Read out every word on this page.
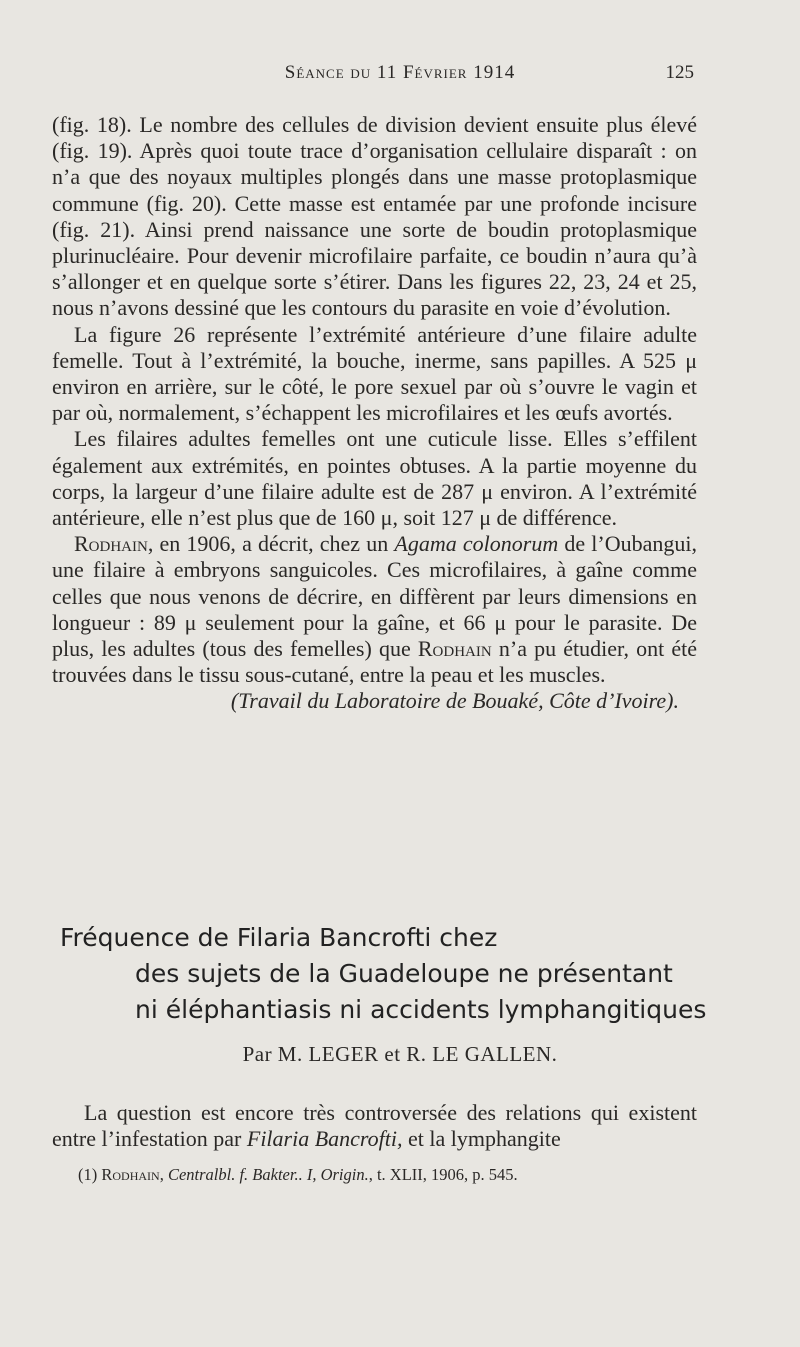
Séance du 11 Février 1914	125

(fig. 18). Le nombre des cellules de division devient ensuite plus élevé (fig. 19). Après quoi toute trace d’organisation cellulaire disparaît : on n’a que des noyaux multiples plongés dans une masse protoplasmique commune (fig. 20). Cette masse est entamée par une profonde incisure (fig. 21). Ainsi prend naissance une sorte de boudin protoplasmique plurinucléaire. Pour devenir microfilaire parfaite, ce boudin n’aura qu’à s’allonger et en quelque sorte s’étirer. Dans les figures 22, 23, 24 et 25, nous n’avons dessiné que les contours du parasite en voie d’évolution.

La figure 26 représente l’extrémité antérieure d’une filaire adulte femelle. Tout à l’extrémité, la bouche, inerme, sans papilles. A 525 μ environ en arrière, sur le côté, le pore sexuel par où s’ouvre le vagin et par où, normalement, s’échappent les microfilaires et les œufs avortés.

Les filaires adultes femelles ont une cuticule lisse. Elles s’effilent également aux extrémités, en pointes obtuses. A la partie moyenne du corps, la largeur d’une filaire adulte est de 287 μ environ. A l’extrémité antérieure, elle n’est plus que de 160 μ, soit 127 μ de différence.

Rodhain, en 1906, a décrit, chez un Agama colonorum de l’Oubangui, une filaire à embryons sanguicoles. Ces microfilaires, à gaîne comme celles que nous venons de décrire, en diffèrent par leurs dimensions en longueur : 89 μ seulement pour la gaîne, et 66 μ pour le parasite. De plus, les adultes (tous des femelles) que Rodhain n’a pu étudier, ont été trouvées dans le tissu sous-cutané, entre la peau et les muscles.

(Travail du Laboratoire de Bouaké, Côte d’Ivoire).

Fréquence de Filaria Bancrofti chez
des sujets de la Guadeloupe ne présentant
ni éléphantiasis ni accidents lymphangitiques
Par M. LEGER et R. LE GALLEN.

La question est encore très controversée des relations qui existent entre l’infestation par Filaria Bancrofti, et la lymphangite

(1) Rodhain, Centralbl. f. Bakter.. I, Origin., t. XLII, 1906, p. 545.
